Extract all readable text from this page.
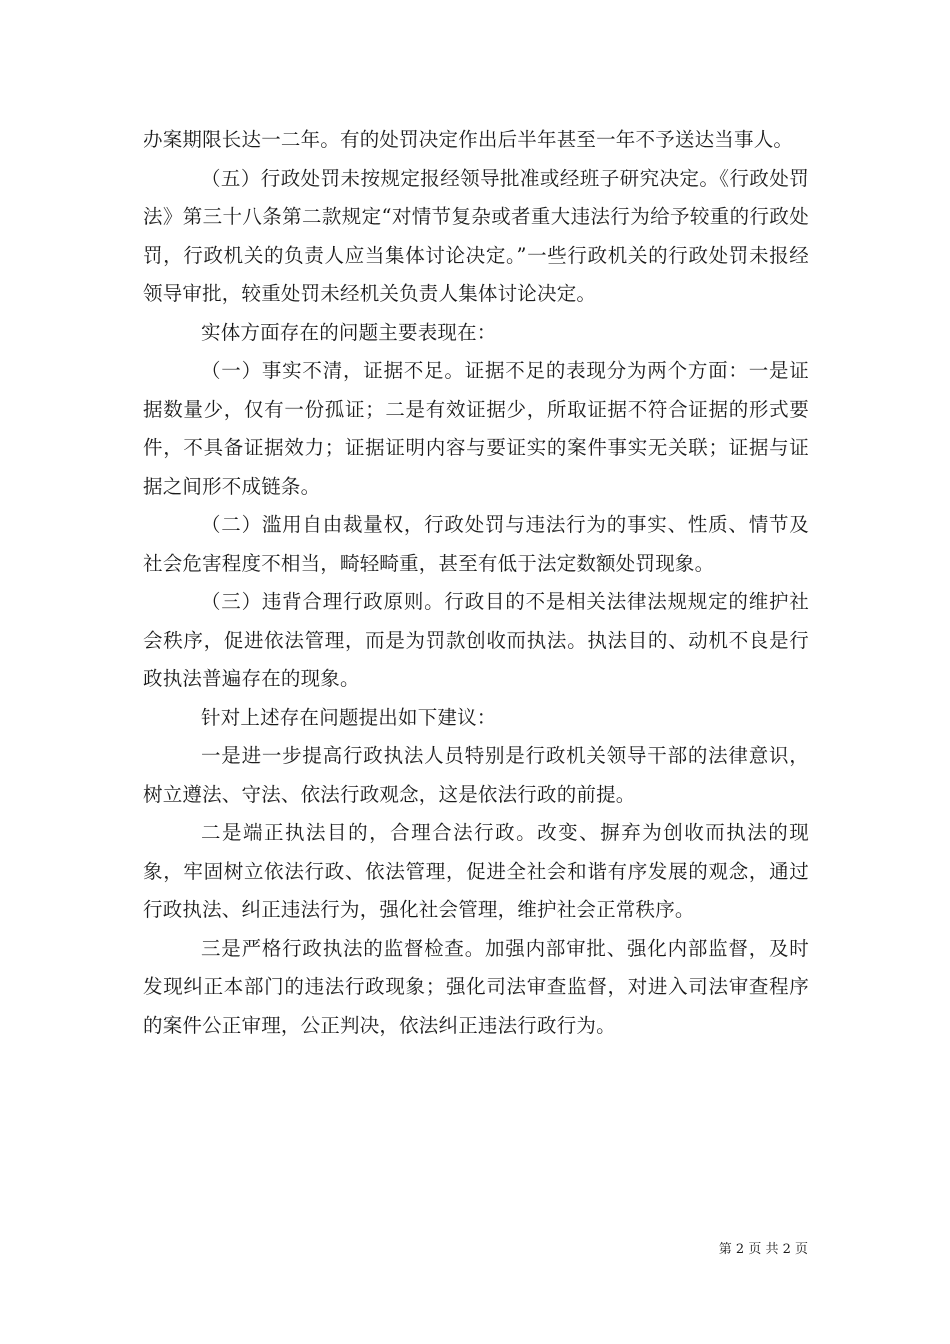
办案期限长达一二年。有的处罚决定作出后半年甚至一年不予送达当事人。

（五）行政处罚未按规定报经领导批准或经班子研究决定。《行政处罚法》第三十八条第二款规定“对情节复杂或者重大违法行为给予较重的行政处罚，行政机关的负责人应当集体讨论决定。”一些行政机关的行政处罚未报经领导审批，较重处罚未经机关负责人集体讨论决定。

实体方面存在的问题主要表现在：

（一）事实不清，证据不足。证据不足的表现分为两个方面：一是证据数量少，仅有一份孤证；二是有效证据少，所取证据不符合证据的形式要件，不具备证据效力；证据证明内容与要证实的案件事实无关联；证据与证据之间形不成链条。

（二）滥用自由裁量权，行政处罚与违法行为的事实、性质、情节及社会危害程度不相当，畸轻畸重，甚至有低于法定数额处罚现象。

（三）违背合理行政原则。行政目的不是相关法律法规规定的维护社会秩序，促进依法管理，而是为罚款创收而执法。执法目的、动机不良是行政执法普遍存在的现象。

针对上述存在问题提出如下建议：

一是进一步提高行政执法人员特别是行政机关领导干部的法律意识，树立遵法、守法、依法行政观念，这是依法行政的前提。

二是端正执法目的，合理合法行政。改变、摒弃为创收而执法的现象，牢固树立依法行政、依法管理，促进全社会和谐有序发展的观念，通过行政执法、纠正违法行为，强化社会管理，维护社会正常秩序。

三是严格行政执法的监督检查。加强内部审批、强化内部监督，及时发现纠正本部门的违法行政现象；强化司法审查监督，对进入司法审查程序的案件公正审理，公正判决，依法纠正违法行政行为。

第 2 页 共 2 页
